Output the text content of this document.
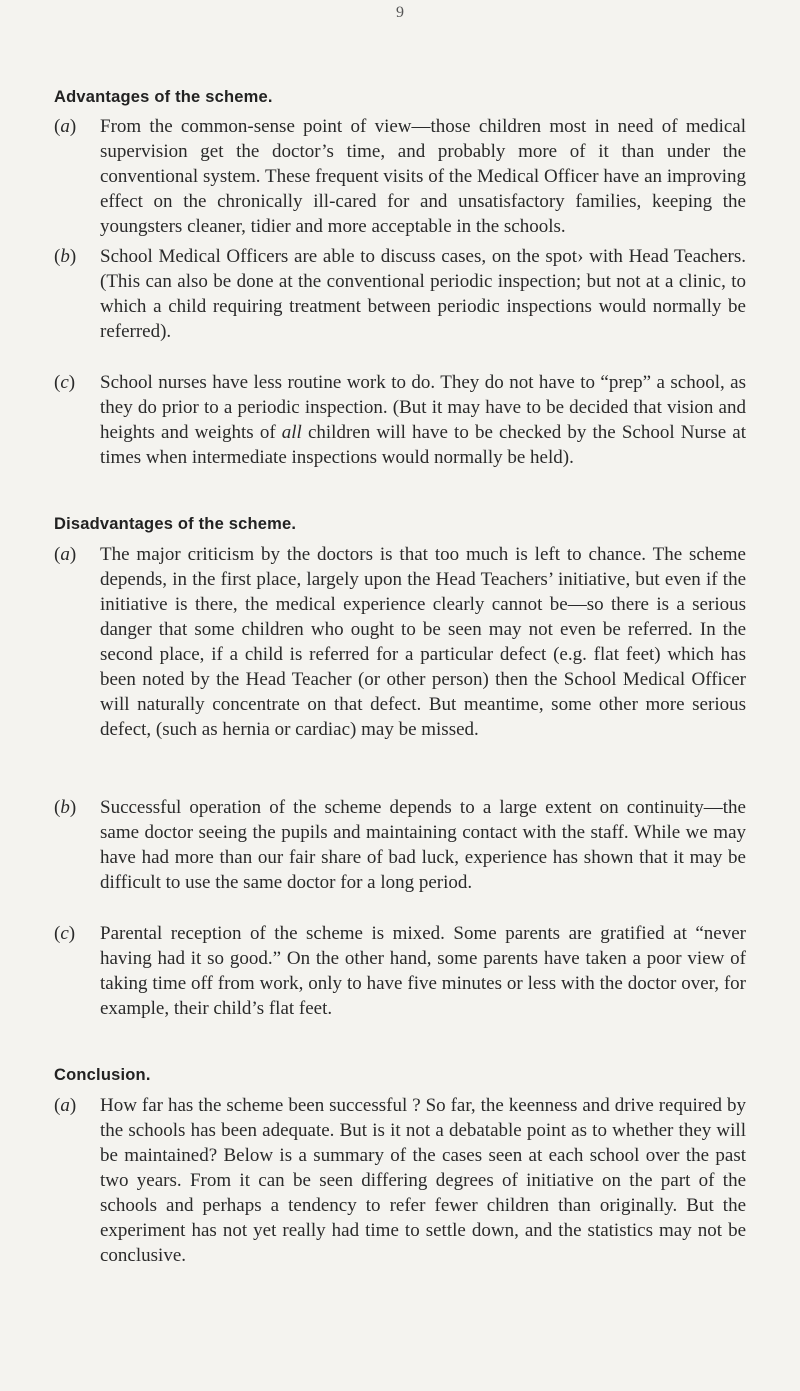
9
Advantages of the scheme.
(a)	From the common-sense point of view—those children most in need of medical supervision get the doctor’s time, and probably more of it than under the conventional system. These frequent visits of the Medical Officer have an improving effect on the chronically ill-cared for and unsatisfactory families, keeping the youngsters cleaner, tidier and more acceptable in the schools.
(b)	School Medical Officers are able to discuss cases, on the spot› with Head Teachers. (This can also be done at the conventional periodic inspection; but not at a clinic, to which a child requiring treatment between periodic inspections would normally be referred).
(c)	School nurses have less routine work to do. They do not have to “prep” a school, as they do prior to a periodic inspection. (But it may have to be decided that vision and heights and weights of all children will have to be checked by the School Nurse at times when intermediate inspections would normally be held).
Disadvantages of the scheme.
(a)	The major criticism by the doctors is that too much is left to chance. The scheme depends, in the first place, largely upon the Head Teachers’ initiative, but even if the initiative is there, the medical experience clearly cannot be—so there is a serious danger that some children who ought to be seen may not even be referred. In the second place, if a child is referred for a particular defect (e.g. flat feet) which has been noted by the Head Teacher (or other person) then the School Medical Officer will naturally concentrate on that defect. But meantime, some other more serious defect, (such as hernia or cardiac) may be missed.
(b)	Successful operation of the scheme depends to a large extent on continuity—the same doctor seeing the pupils and maintaining contact with the staff. While we may have had more than our fair share of bad luck, experience has shown that it may be difficult to use the same doctor for a long period.
(c)	Parental reception of the scheme is mixed. Some parents are gratified at “never having had it so good.” On the other hand, some parents have taken a poor view of taking time off from work, only to have five minutes or less with the doctor over, for example, their child’s flat feet.
Conclusion.
(a)	How far has the scheme been successful ? So far, the keenness and drive required by the schools has been adequate. But is it not a debatable point as to whether they will be maintained? Below is a summary of the cases seen at each school over the past two years. From it can be seen differing degrees of initiative on the part of the schools and perhaps a tendency to refer fewer children than originally. But the experiment has not yet really had time to settle down, and the statistics may not be conclusive.
